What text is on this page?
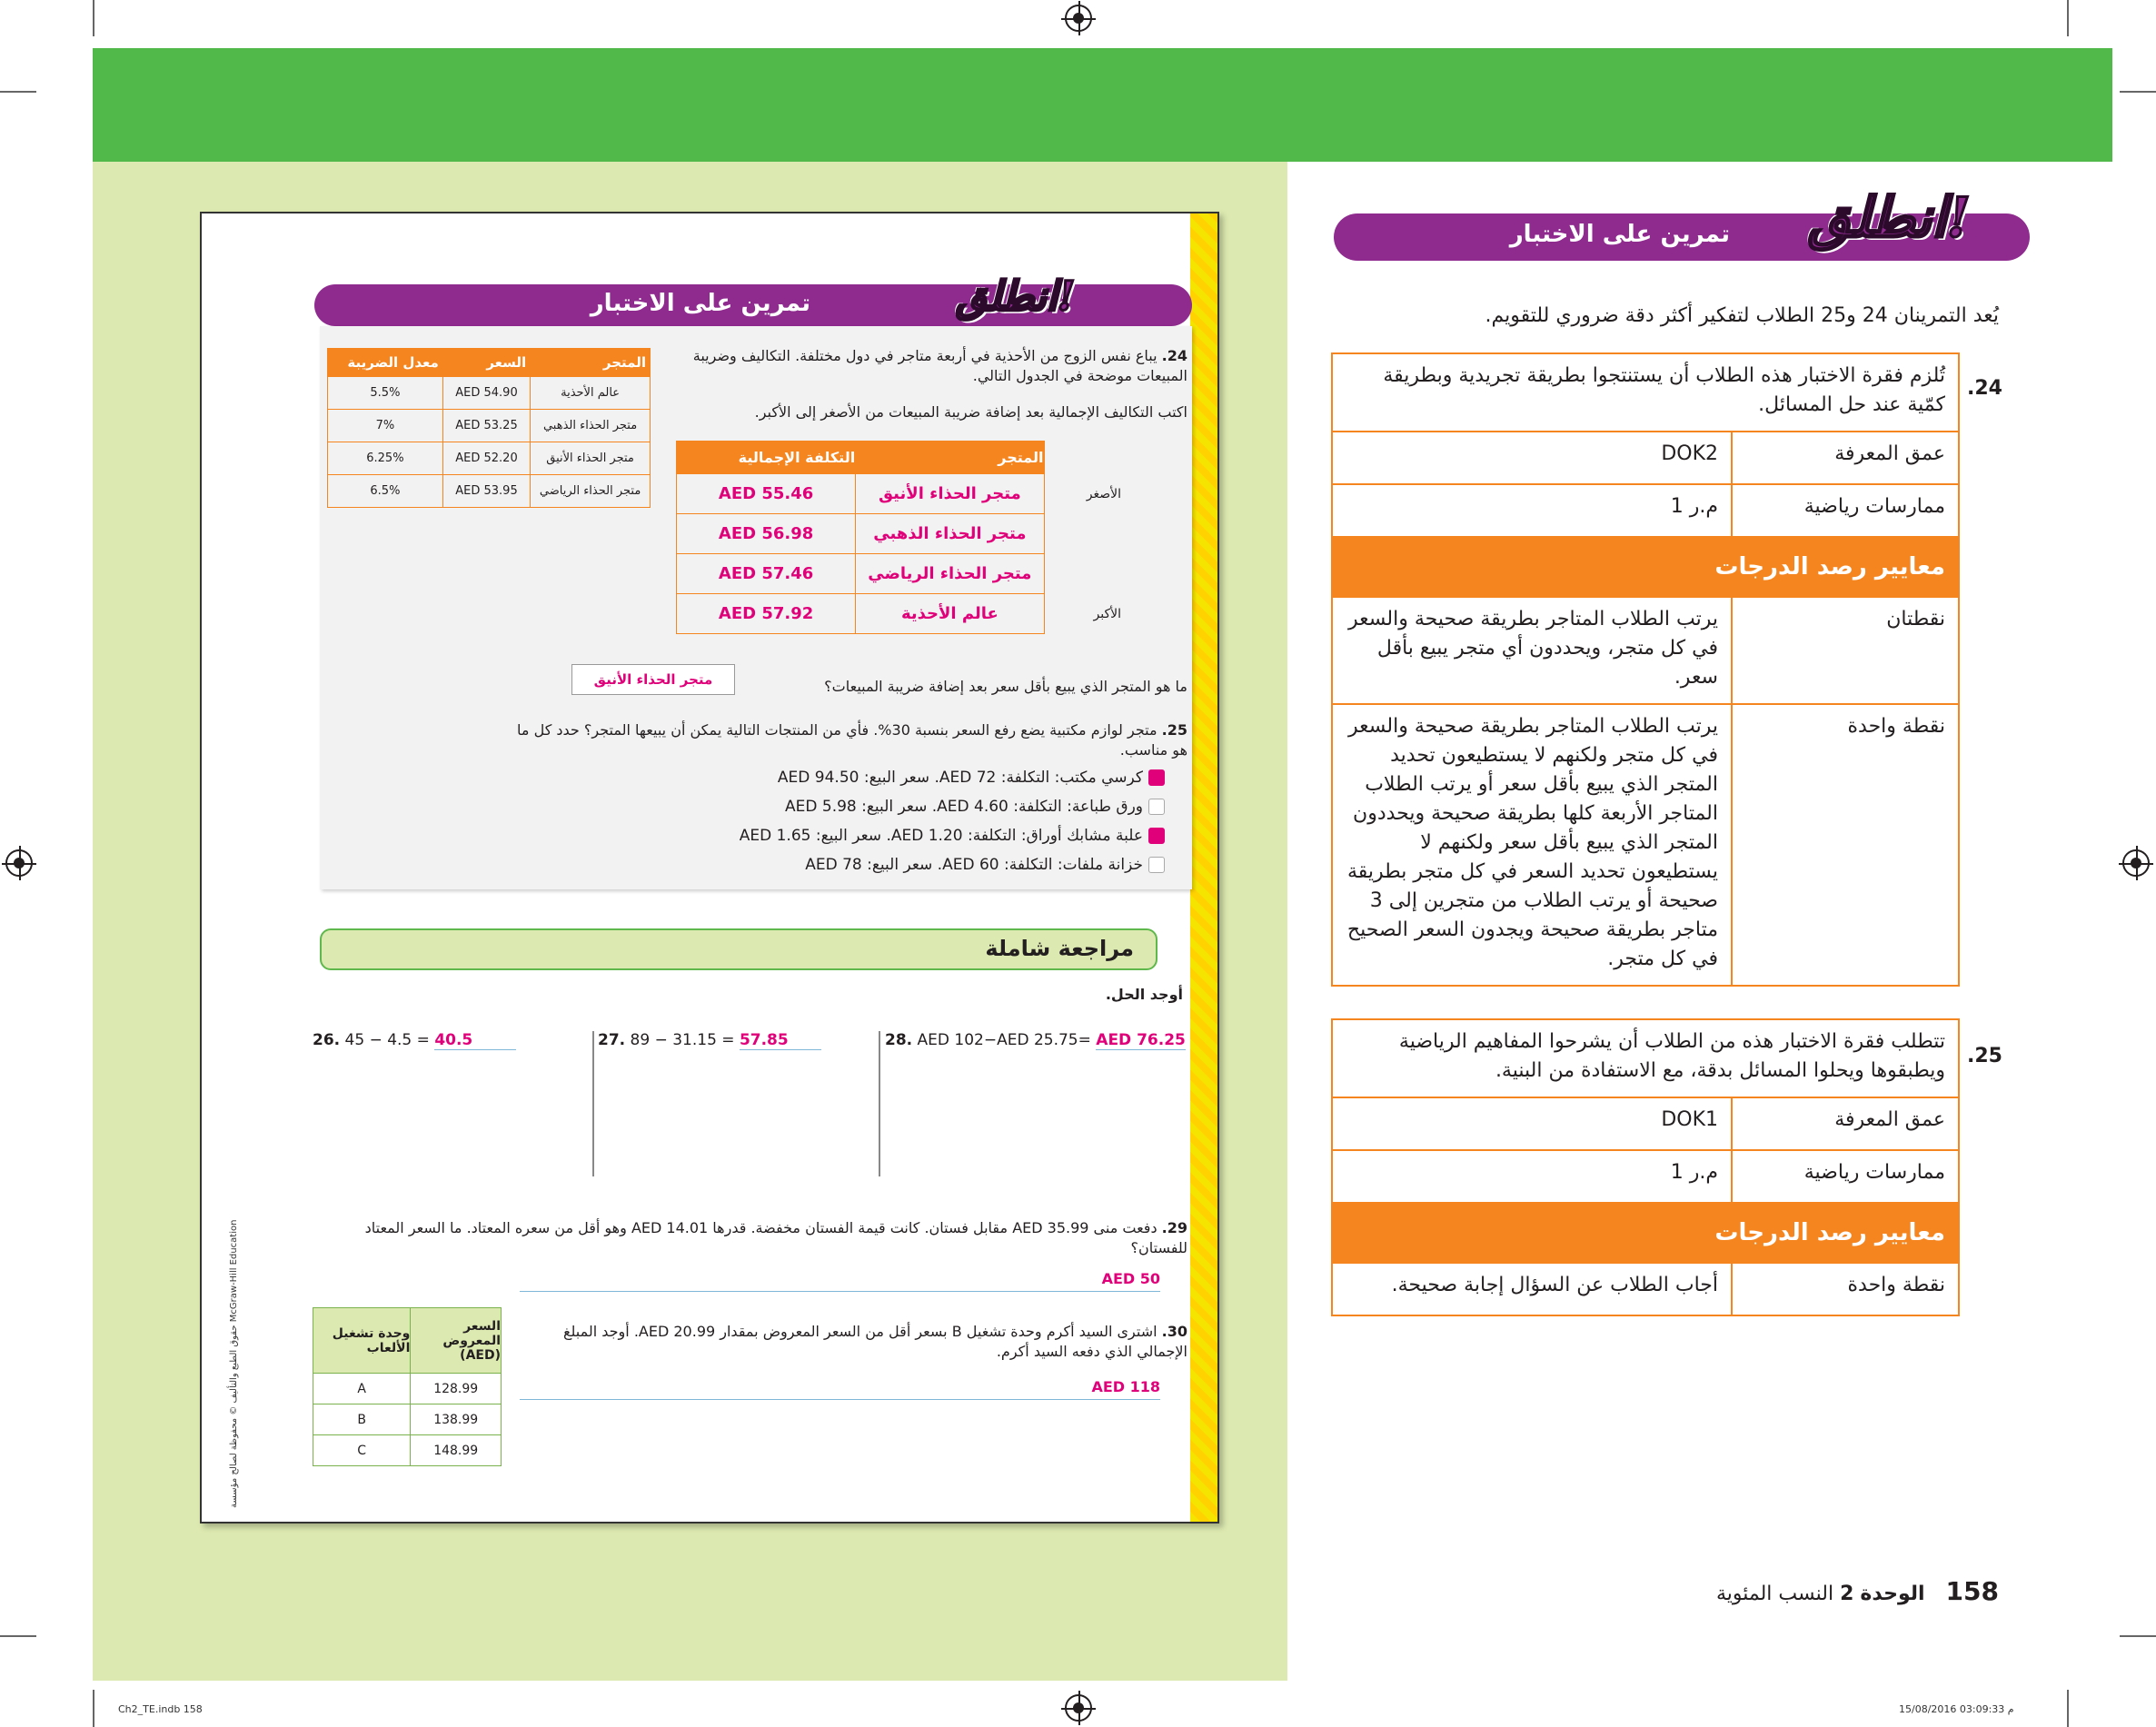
تمرين على الاختبار	انطلق!
المتجر	السعر	معدل الضريبة
عالم الأحذية	AED 54.90	5.5%
متجر الحذاء الذهبي	AED 53.25	7%
متجر الحذاء الأنيق	AED 52.20	6.25%
متجر الحذاء الرياضي	AED 53.95	6.5%
24. يباع نفس الزوج من الأحذية في أربعة متاجر في دول مختلفة. التكاليف وضريبة المبيعات موضحة في الجدول التالي.
اكتب التكاليف الإجمالية بعد إضافة ضريبة المبيعات من الأصغر إلى الأكبر.
	المتجر	التكلفة الإجمالية
الأصغر	متجر الحذاء الأنيق	AED 55.46
	متجر الحذاء الذهبي	AED 56.98
	متجر الحذاء الرياضي	AED 57.46
الأكبر	عالم الأحذية	AED 57.92
ما هو المتجر الذي يبيع بأقل سعر بعد إضافة ضريبة المبيعات؟
متجر الحذاء الأنيق
25. متجر لوازم مكتبية يضع رفع السعر بنسبة 30%. فأي من المنتجات التالية يمكن أن يبيعها المتجر؟ حدد كل ما هو مناسب.
كرسي مكتب: التكلفة: AED 72. سعر البيع: AED 94.50
ورق طباعة: التكلفة: AED 4.60. سعر البيع: AED 5.98
علبة مشابك أوراق: التكلفة: AED 1.20. سعر البيع: AED 1.65
خزانة ملفات: التكلفة: AED 60. سعر البيع: AED 78
مراجعة شاملة
أوجد الحل.
26. 45 − 4.5 = 40.5	27. 89 − 31.15 = 57.85	28. AED 102−AED 25.75= AED 76.25
29. دفعت منى AED 35.99 مقابل فستان. كانت قيمة الفستان مخفضة. قدرها AED 14.01 وهو أقل من سعره المعتاد. ما السعر المعتاد للفستان؟
AED 50
30. اشترى السيد أكرم وحدة تشغيل B بسعر أقل من السعر المعروض بمقدار AED 20.99. أوجد المبلغ الإجمالي الذي دفعه السيد أكرم.
AED 118
السعر المعروض (AED)	وحدة تشغيل الألعاب
128.99	A
138.99	B
148.99	C
حقوق الطبع والتأليف © محفوظة لصالح مؤسسة McGraw-Hill Education
تمرين على الاختبار انطلق!
يُعد التمرينان 24 و25 الطلاب لتفكير أكثر دقة ضروري للتقويم.
.24
تُلزم فقرة الاختبار هذه الطلاب أن يستنتجوا بطريقة تجريدية وبطريقة كمّية عند حل المسائل.	
عمق المعرفة	DOK2
ممارسات رياضية	م.ر 1
معايير رصد الدرجات	
نقطتان	يرتب الطلاب المتاجر بطريقة صحيحة والسعر في كل متجر، ويحددون أي متجر يبيع بأقل سعر.
نقطة واحدة	يرتب الطلاب المتاجر بطريقة صحيحة والسعر في كل متجر ولكنهم لا يستطيعون تحديد المتجر الذي يبيع بأقل سعر أو يرتب الطلاب المتاجر الأربعة كلها بطريقة صحيحة ويحددون المتجر الذي يبيع بأقل سعر ولكنهم لا يستطيعون تحديد السعر في كل متجر بطريقة صحيحة أو يرتب الطلاب من متجرين إلى 3 متاجر بطريقة صحيحة ويجدون السعر الصحيح في كل متجر.
.25
تتطلب فقرة الاختبار هذه من الطلاب أن يشرحوا المفاهيم الرياضية ويطبقوها ويحلوا المسائل بدقة، مع الاستفادة من البنية.	
عمق المعرفة	DOK1
ممارسات رياضية	م.ر 1
معايير رصد الدرجات	
نقطة واحدة	أجاب الطلاب عن السؤال إجابة صحيحة.
158 الوحدة 2 النسب المئوية
Ch2_TE.indb 158	15/08/2016 03:09:33 م
